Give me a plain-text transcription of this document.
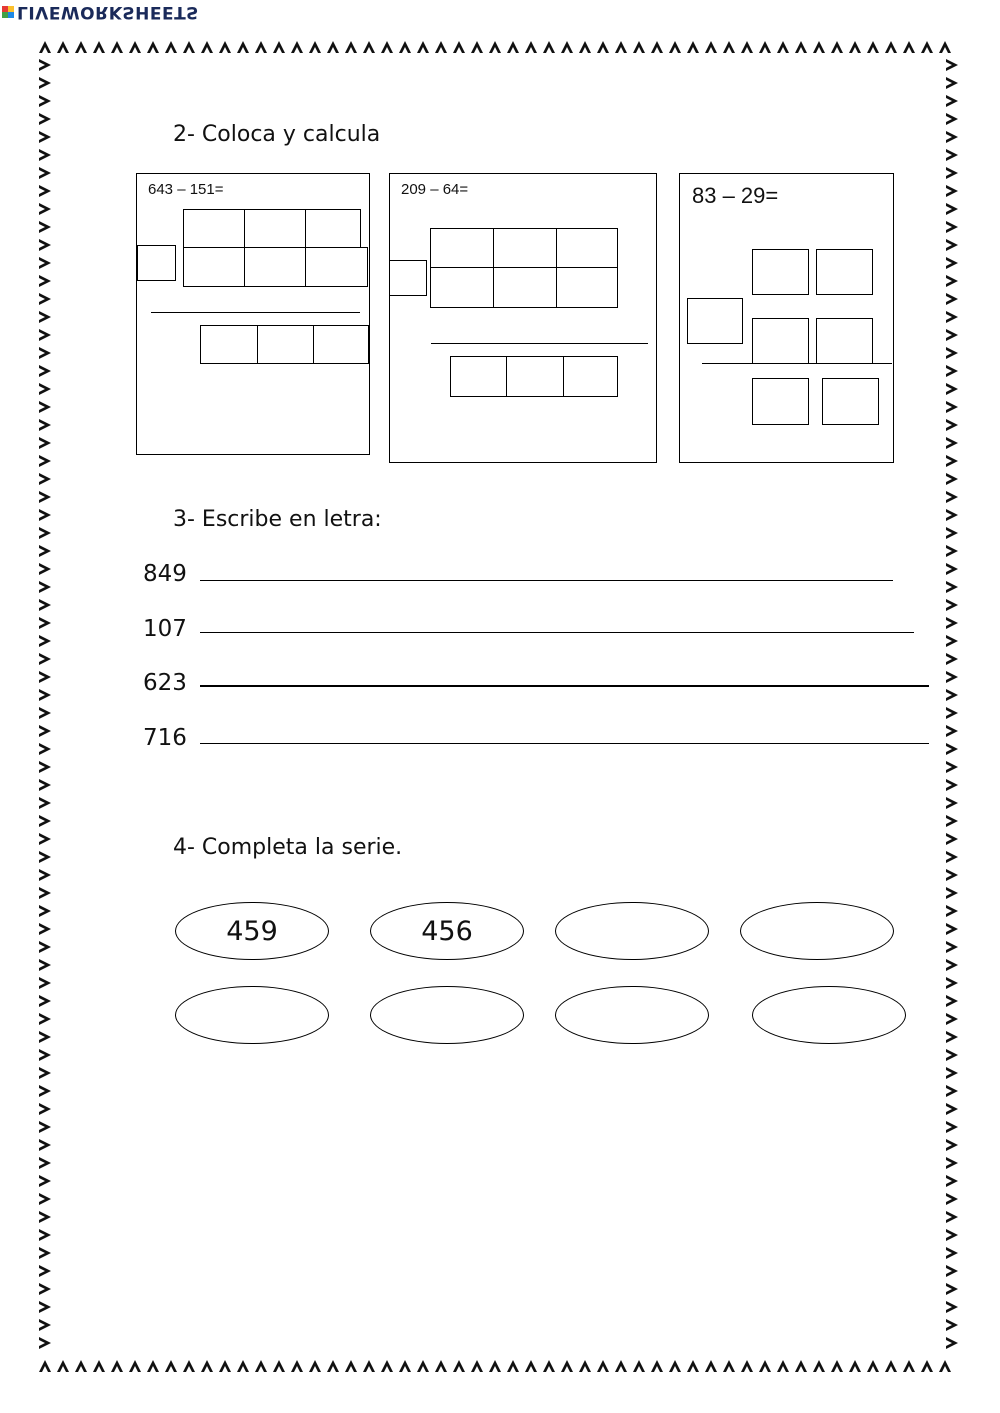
LIVEWORKSHEETS
2- Coloca y calcula
643 – 151=	209 – 64=	83 – 29=
3- Escribe en letra:
849
107
623
716
4- Completa la serie.
459	456
